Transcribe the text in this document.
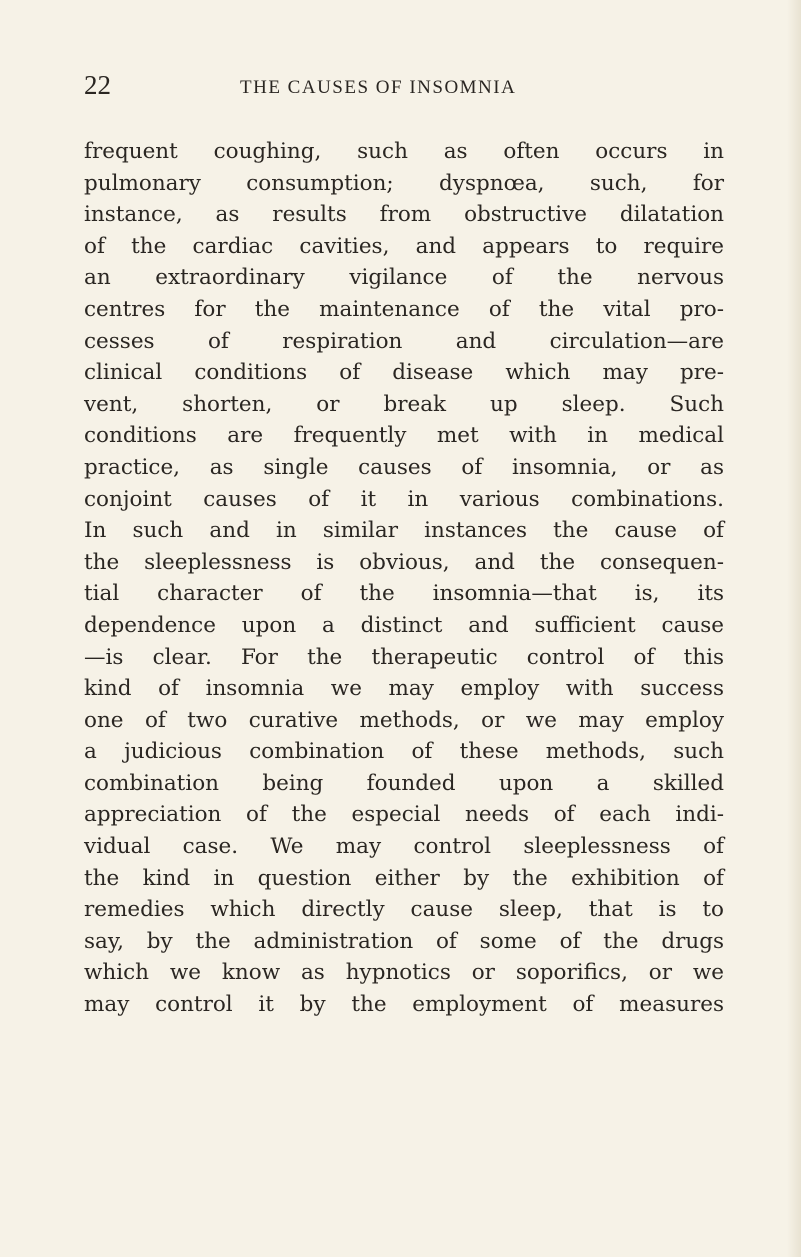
22	THE CAUSES OF INSOMNIA
frequent coughing, such as often occurs in
pulmonary consumption; dyspnœa, such, for
instance, as results from obstructive dilatation
of the cardiac cavities, and appears to require
an extraordinary vigilance of the nervous
centres for the maintenance of the vital pro-
cesses of respiration and circulation—are
clinical conditions of disease which may pre-
vent, shorten, or break up sleep. Such
conditions are frequently met with in medical
practice, as single causes of insomnia, or as
conjoint causes of it in various combinations.
In such and in similar instances the cause of
the sleeplessness is obvious, and the consequen-
tial character of the insomnia—that is, its
dependence upon a distinct and sufficient cause
—is clear. For the therapeutic control of this
kind of insomnia we may employ with success
one of two curative methods, or we may employ
a judicious combination of these methods, such
combination being founded upon a skilled
appreciation of the especial needs of each indi-
vidual case. We may control sleeplessness of
the kind in question either by the exhibition of
remedies which directly cause sleep, that is to
say, by the administration of some of the drugs
which we know as hypnotics or soporifics, or we
may control it by the employment of measures
